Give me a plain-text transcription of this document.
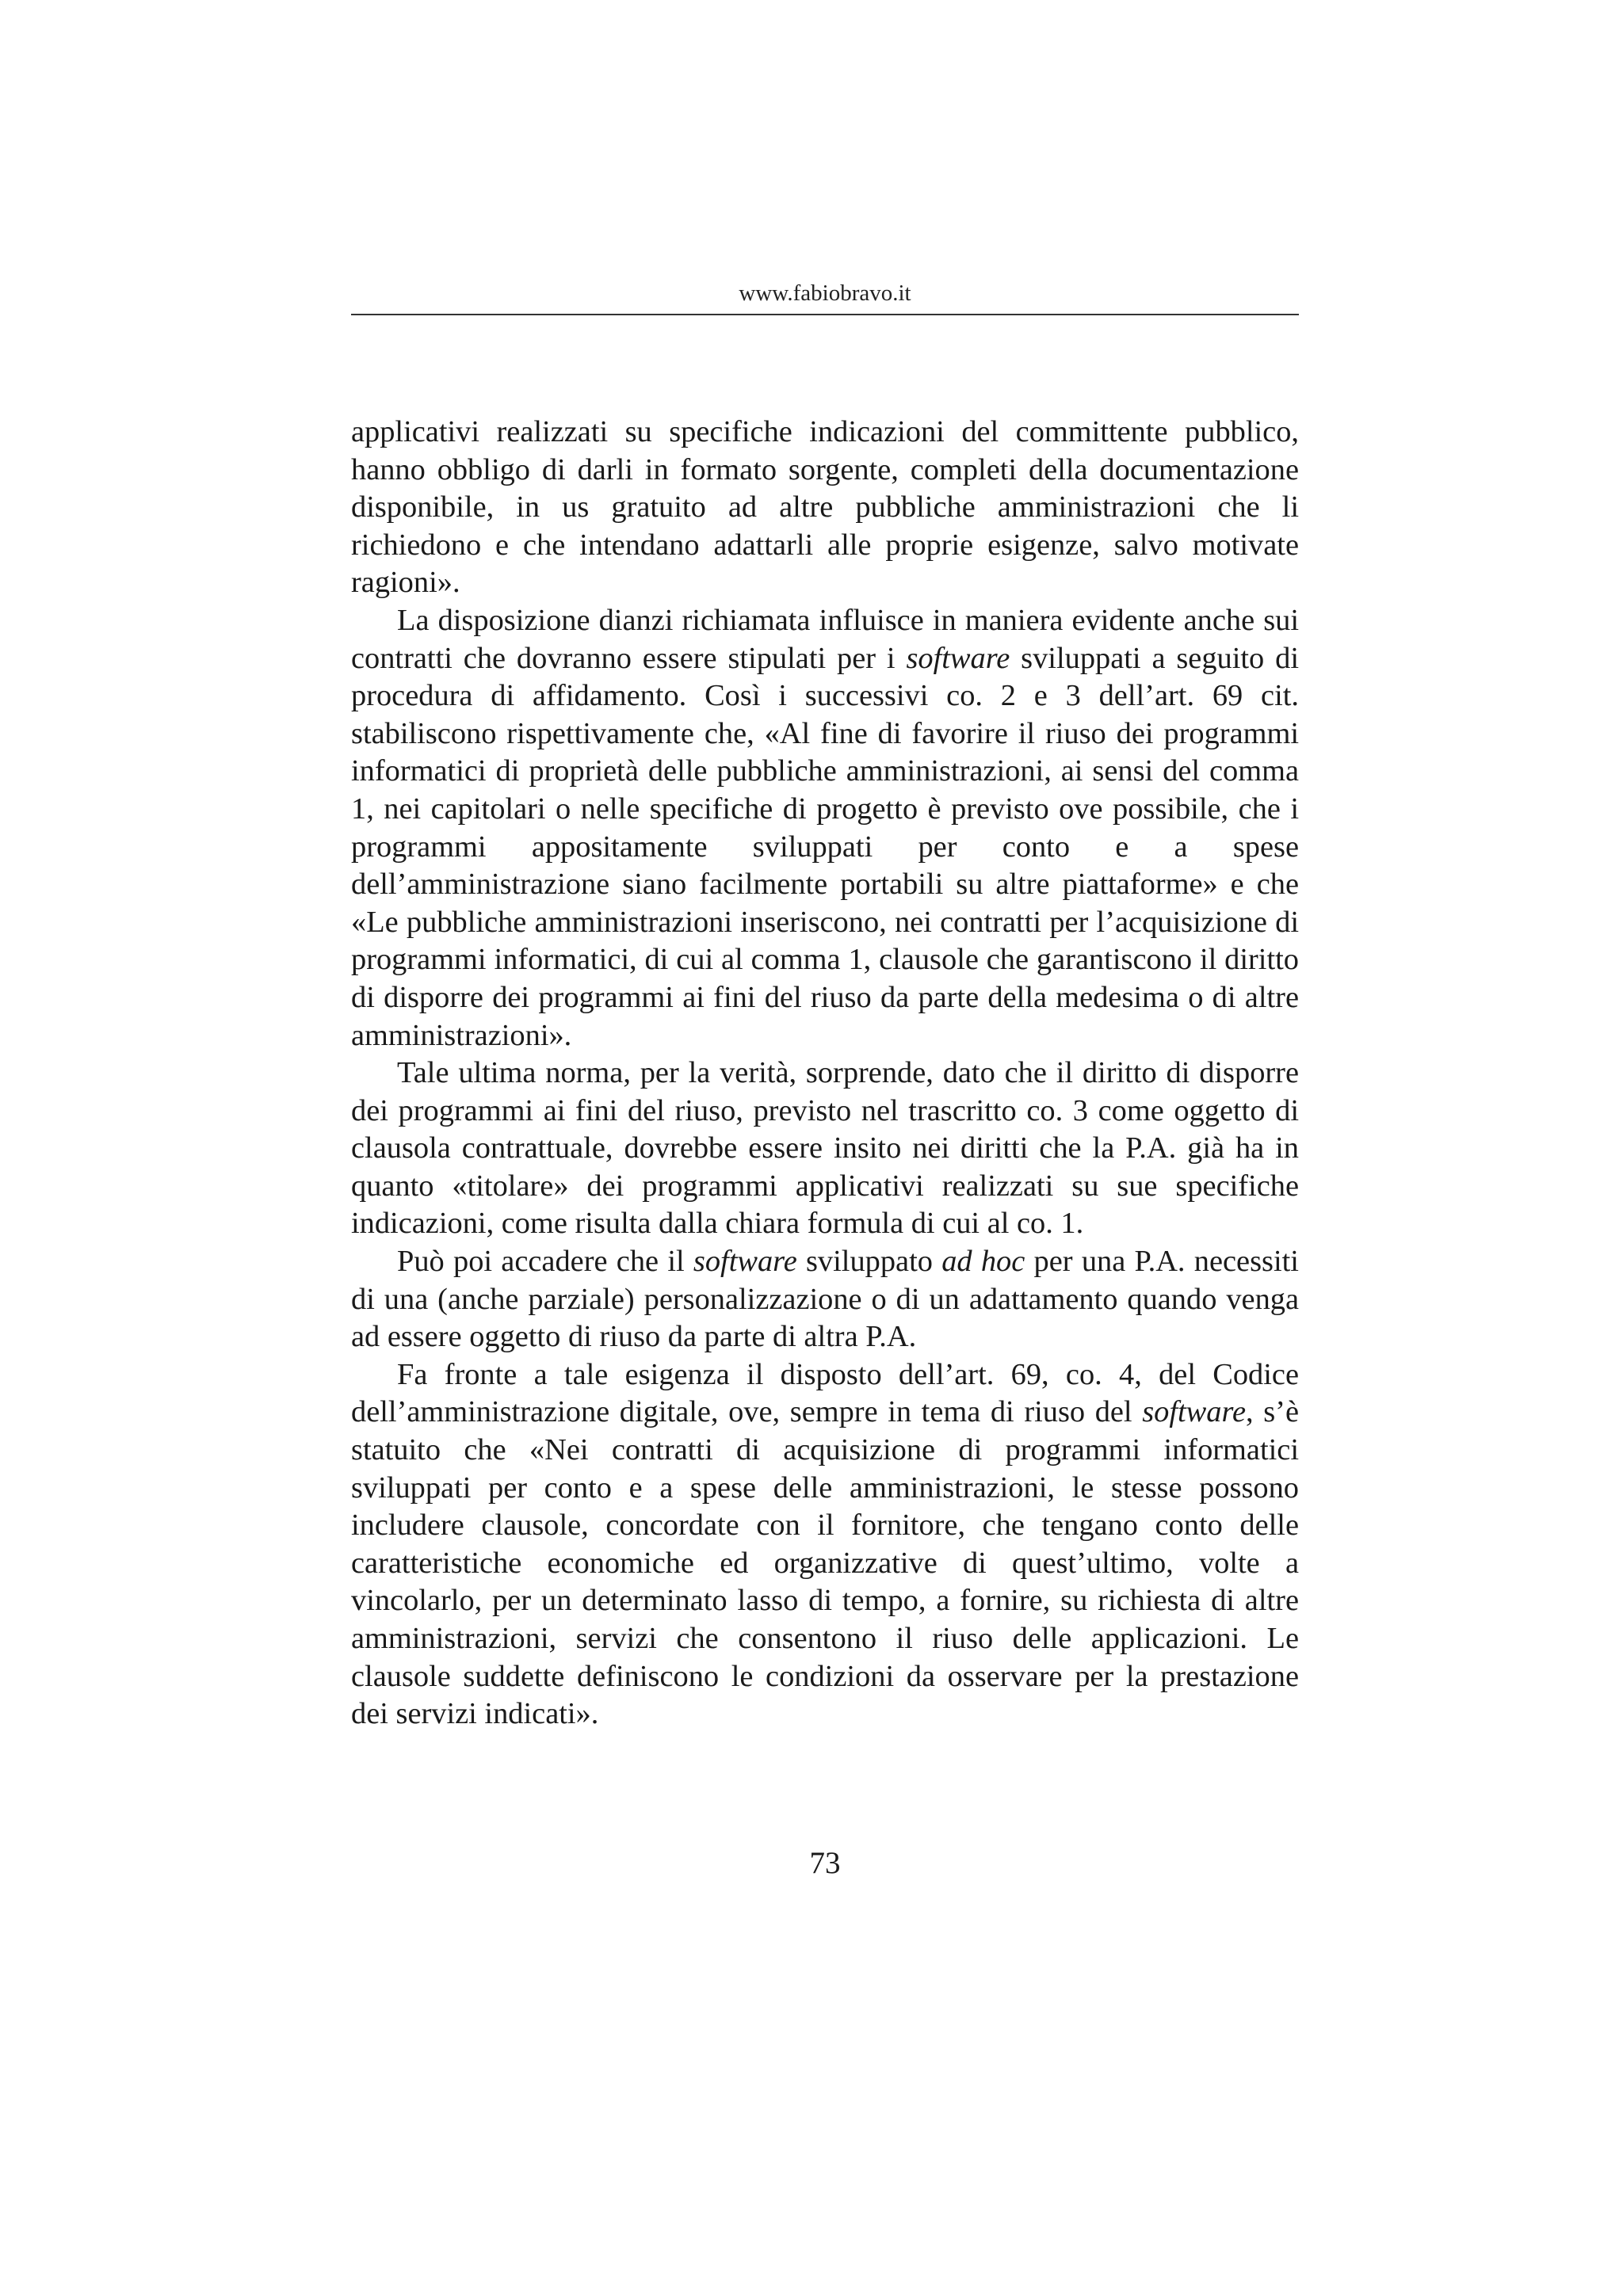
www.fabiobravo.it

applicativi realizzati su specifiche indicazioni del committente pubblico, hanno obbligo di darli in formato sorgente, completi della documentazione disponibile, in us gratuito ad altre pubbliche amministrazioni che li richiedono e che intendano adattarli alle proprie esigenze, salvo motivate ragioni».

La disposizione dianzi richiamata influisce in maniera evidente anche sui contratti che dovranno essere stipulati per i software sviluppati a seguito di procedura di affidamento. Così i successivi co. 2 e 3 dell’art. 69 cit. stabiliscono rispettivamente che, «Al fine di favorire il riuso dei programmi informatici di proprietà delle pubbliche amministrazioni, ai sensi del comma 1, nei capitolari o nelle specifiche di progetto è previsto ove possibile, che i programmi appositamente sviluppati per conto e a spese dell’amministrazione siano facilmente portabili su altre piattaforme» e che «Le pubbliche amministrazioni inseriscono, nei contratti per l’acquisizione di programmi informatici, di cui al comma 1, clausole che garantiscono il diritto di disporre dei programmi ai fini del riuso da parte della medesima o di altre amministrazioni».

Tale ultima norma, per la verità, sorprende, dato che il diritto di disporre dei programmi ai fini del riuso, previsto nel trascritto co. 3 come oggetto di clausola contrattuale, dovrebbe essere insito nei diritti che la P.A. già ha in quanto «titolare» dei programmi applicativi realizzati su sue specifiche indicazioni, come risulta dalla chiara formula di cui al co. 1.

Può poi accadere che il software sviluppato ad hoc per una P.A. necessiti di una (anche parziale) personalizzazione o di un adattamento quando venga ad essere oggetto di riuso da parte di altra P.A.

Fa fronte a tale esigenza il disposto dell’art. 69, co. 4, del Codice dell’amministrazione digitale, ove, sempre in tema di riuso del software, s’è statuito che «Nei contratti di acquisizione di programmi informatici sviluppati per conto e a spese delle amministrazioni, le stesse possono includere clausole, concordate con il fornitore, che tengano conto delle caratteristiche economiche ed organizzative di quest’ultimo, volte a vincolarlo, per un determinato lasso di tempo, a fornire, su richiesta di altre amministrazioni, servizi che consentono il riuso delle applicazioni. Le clausole suddette definiscono le condizioni da osservare per la prestazione dei servizi indicati».

73
